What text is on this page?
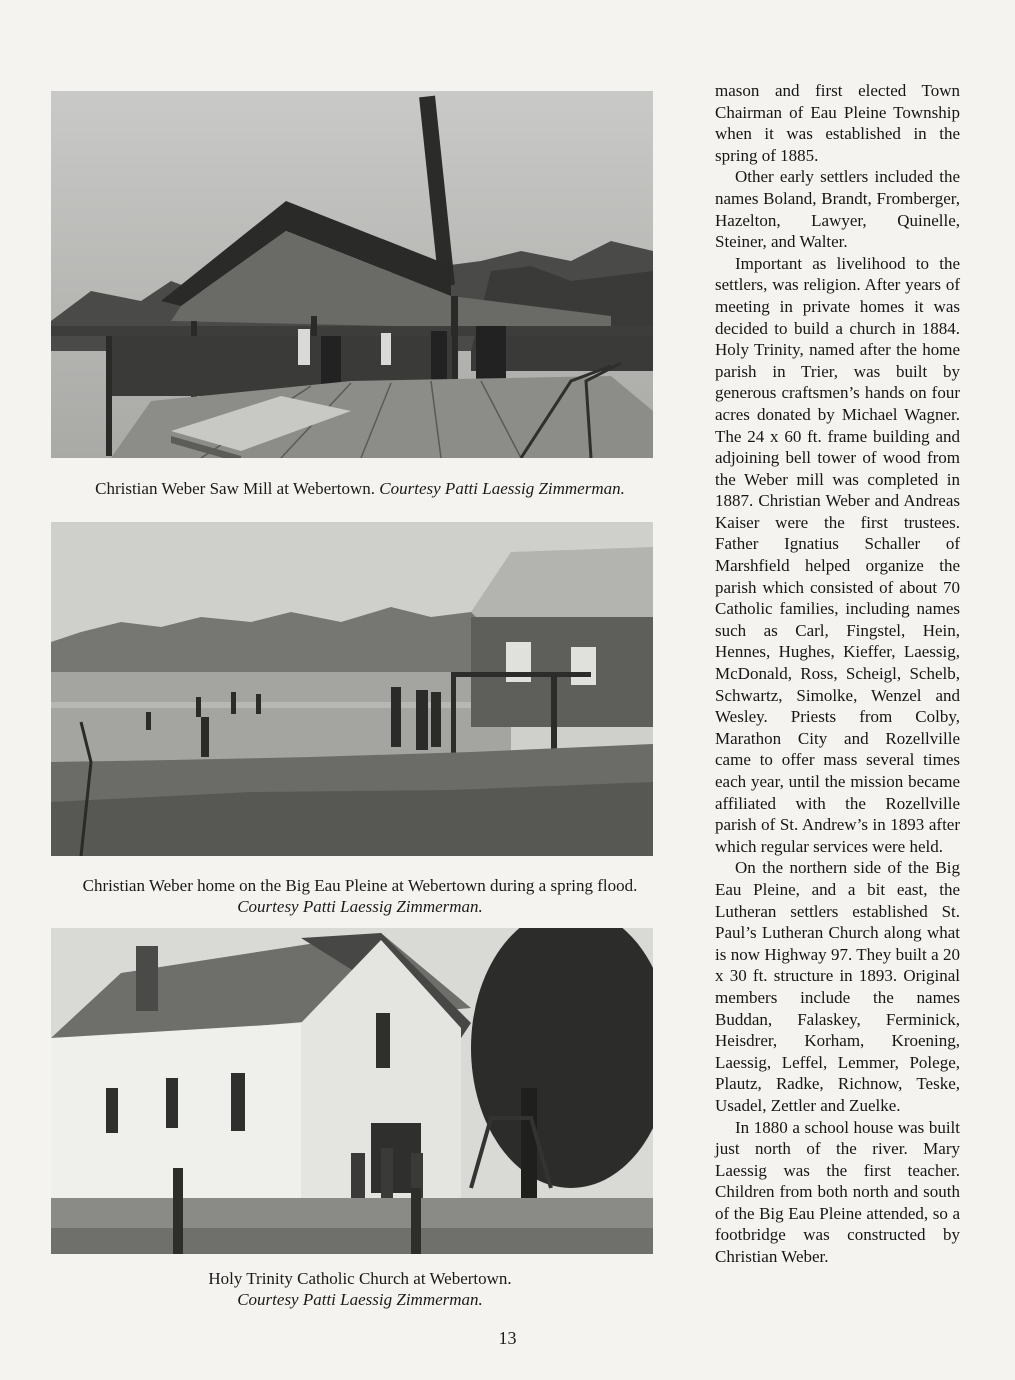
Christian Weber Saw Mill at Webertown. Courtesy Patti Laessig Zimmerman.
Christian Weber home on the Big Eau Pleine at Webertown during a spring flood.
Courtesy Patti Laessig Zimmerman.
Holy Trinity Catholic Church at Webertown.
Courtesy Patti Laessig Zimmerman.

mason and first elected Town Chairman of Eau Pleine Township when it was established in the spring of 1885.

Other early settlers included the names Boland, Brandt, Fromberger, Hazelton, Lawyer, Quinelle, Steiner, and Walter.

Important as livelihood to the settlers, was religion. After years of meeting in private homes it was decided to build a church in 1884. Holy Trinity, named after the home parish in Trier, was built by generous craftsmen’s hands on four acres donated by Michael Wagner. The 24 x 60 ft. frame building and adjoining bell tower of wood from the Weber mill was completed in 1887. Christian Weber and Andreas Kaiser were the first trustees. Father Ignatius Schaller of Marshfield helped organize the parish which consisted of about 70 Catholic families, including names such as Carl, Fingstel, Hein, Hennes, Hughes, Kieffer, Laessig, McDonald, Ross, Scheigl, Schelb, Schwartz, Simolke, Wenzel and Wesley. Priests from Colby, Marathon City and Rozellville came to offer mass several times each year, until the mission became affiliated with the Rozellville parish of St. Andrew’s in 1893 after which regular services were held.

On the northern side of the Big Eau Pleine, and a bit east, the Lutheran settlers established St. Paul’s Lutheran Church along what is now Highway 97. They built a 20 x 30 ft. structure in 1893. Original members include the names Buddan, Falaskey, Ferminick, Heisdrer, Korham, Kroening, Laessig, Leffel, Lemmer, Polege, Plautz, Radke, Richnow, Teske, Usadel, Zettler and Zuelke.

In 1880 a school house was built just north of the river. Mary Laessig was the first teacher. Children from both north and south of the Big Eau Pleine attended, so a footbridge was constructed by Christian Weber.

13
